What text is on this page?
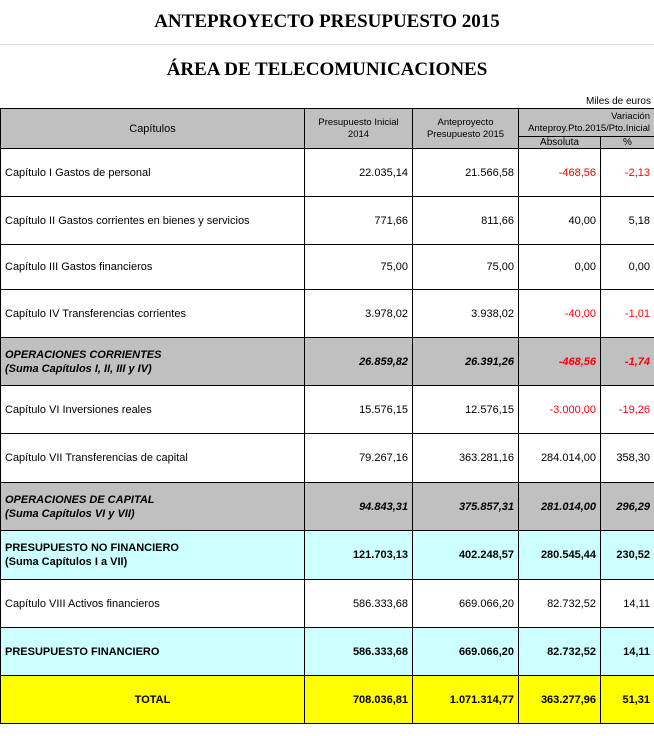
ANTEPROYECTO PRESUPUESTO 2015
ÁREA DE TELECOMUNICACIONES
Miles de euros
Capítulos	Presupuesto Inicial 2014	Anteproyecto Presupuesto 2015	Variación Anteproy.Pto.2015/Pto.Inicial	
			Absoluta	%
Capítulo I Gastos de personal	22.035,14	21.566,58	-468,56	-2,13
Capítulo II Gastos corrientes en bienes y servicios	771,66	811,66	40,00	5,18
Capítulo III Gastos financieros	75,00	75,00	0,00	0,00
Capítulo IV Transferencias corrientes	3.978,02	3.938,02	-40,00	-1,01

OPERACIONES CORRIENTES
(Suma Capítulos I, II, III y IV)	26.859,82	26.391,26	-468,56	-1,74
Capítulo VI Inversiones reales	15.576,15	12.576,15	-3.000,00	-19,26
Capítulo VII Transferencias de capital	79.267,16	363.281,16	284.014,00	358,30

OPERACIONES DE CAPITAL
(Suma Capítulos VI y VII)	94.843,31	375.857,31	281.014,00	296,29

PRESUPUESTO NO FINANCIERO
(Suma Capítulos I a VII)	121.703,13	402.248,57	280.545,44	230,52
Capítulo VIII Activos financieros	586.333,68	669.066,20	82.732,52	14,11
PRESUPUESTO FINANCIERO	586.333,68	669.066,20	82.732,52	14,11
TOTAL	708.036,81	1.071.314,77	363.277,96	51,31
